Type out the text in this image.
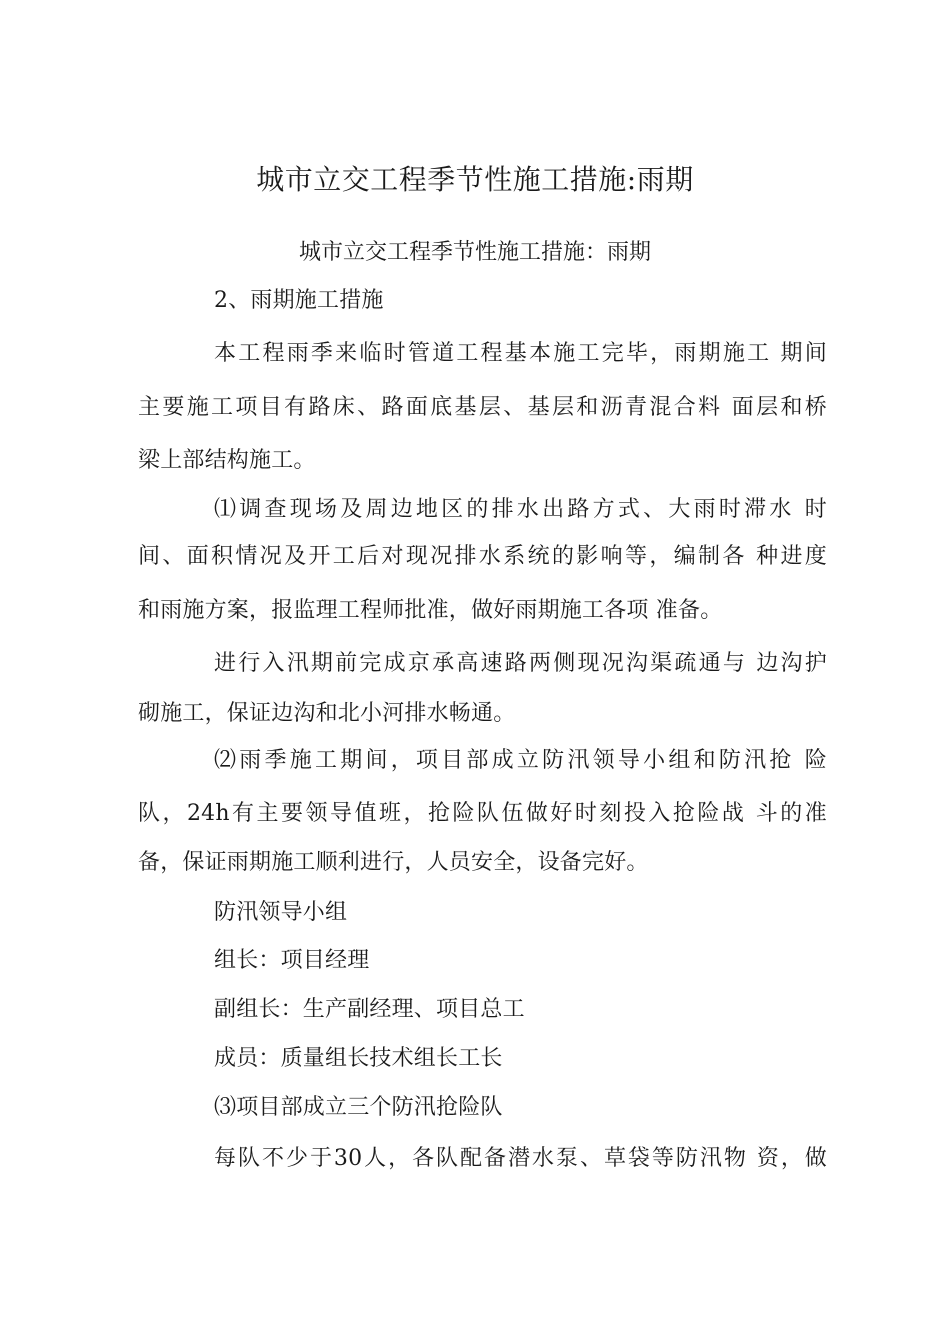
城市立交工程季节性施工措施:雨期
城市立交工程季节性施工措施：雨期
2、雨期施工措施
本工程雨季来临时管道工程基本施工完毕，雨期施工 期间
主要施工项目有路床、路面底基层、基层和沥青混合料 面层和桥
梁上部结构施工。
⑴调查现场及周边地区的排水出路方式、大雨时滞水 时
间、面积情况及开工后对现况排水系统的影响等，编制各 种进度
和雨施方案，报监理工程师批准，做好雨期施工各项 准备。
进行入汛期前完成京承高速路两侧现况沟渠疏通与 边沟护
砌施工，保证边沟和北小河排水畅通。
⑵雨季施工期间，项目部成立防汛领导小组和防汛抢 险
队，24h有主要领导值班，抢险队伍做好时刻投入抢险战 斗的准
备，保证雨期施工顺利进行，人员安全，设备完好。
防汛领导小组
组长：项目经理
副组长：生产副经理、项目总工
成员：质量组长技术组长工长
⑶项目部成立三个防汛抢险队
每队不少于30人，各队配备潜水泵、草袋等防汛物 资，做
